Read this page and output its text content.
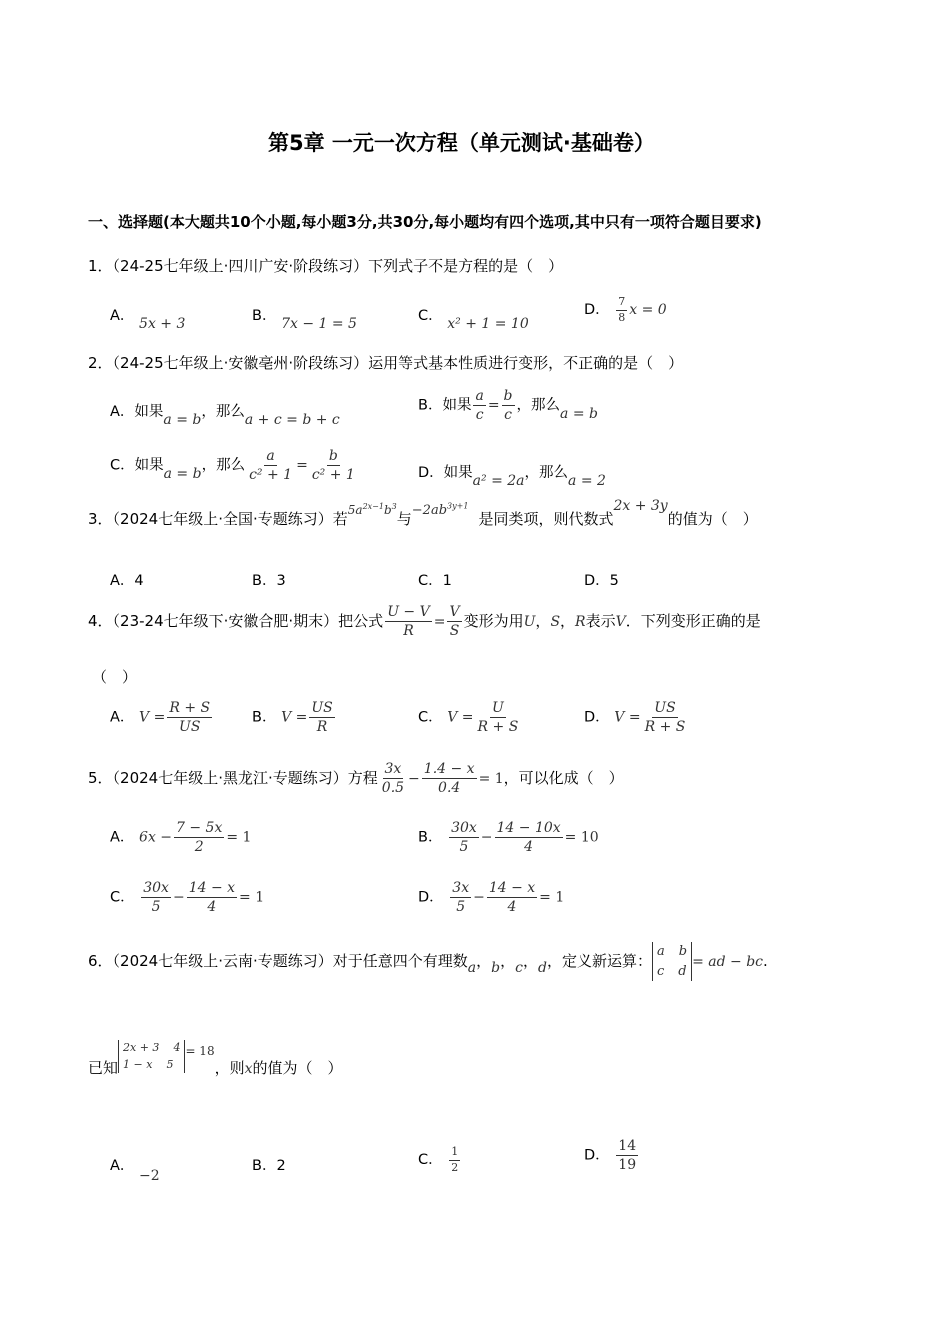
第5章 一元一次方程（单元测试·基础卷）
一、选择题(本大题共10个小题,每小题3分,共30分,每小题均有四个选项,其中只有一项符合题目要求)
1．（24-25七年级上·四川广安·阶段练习）下列式子不是方程的是（　）
A． 5x + 3	B． 7x − 1 = 5	C． x² + 1 = 10
D． $\frac{7}{8}$ x = 0
2．（24-25七年级上·安徽亳州·阶段练习）运用等式基本性质进行变形，不正确的是（　）
A．如果a = b，那么a + c = b + c
B．如果 $\frac{a}{c} = \frac{b}{c}$ ，那么a = b
C．如果a = b，那么 $\frac{a}{\text{c² + 1}} = \frac{b}{\text{c² + 1}}$	D．如果a² = 2a，那么a = 2
3．（2024七年级上·全国·专题练习）若$^{5a^{2x-1}b^3}$与$-2ab^{3y+1}$是同类项，则代数式2x + 3y的值为（　）
A．4	B．3	C．1	D．5
4．（23-24七年级下·安徽合肥·期末）把公式 $\frac{U - V}{R} = \frac{V}{S}$ 变形为用U，S，R表示V．下列变形正确的是
（　）
A． $V = \frac{R + S}{US}$	B． $V = \frac{US}{R}$	C． $V = \frac{U}{R + S}$	D． $V = \frac{US}{R + S}$
5．（2024七年级上·黑龙江·专题练习）方程 $\frac{3x}{0.5} - \frac{1.4 - x}{0.4} = 1$，可以化成（　）
A． $6x - \frac{7 - 5x}{2} = 1$	B． $\frac{30x}{5} - \frac{14 - 10x}{4} = 10$
C． $\frac{30x}{5} - \frac{14 - x}{4} = 1$	D． $\frac{3x}{5} - \frac{14 - x}{4} = 1$
6．（2024七年级上·云南·专题练习）对于任意四个有理数a，b，c，d，定义新运算：
a b
c d
= ad − bc.
已知
2x + 3 4
1 − x 5
$^{= 18}$，则x的值为（　）
A． −2
B．2	C． $\frac{1}{2}$	D． $\frac{14}{19}$
